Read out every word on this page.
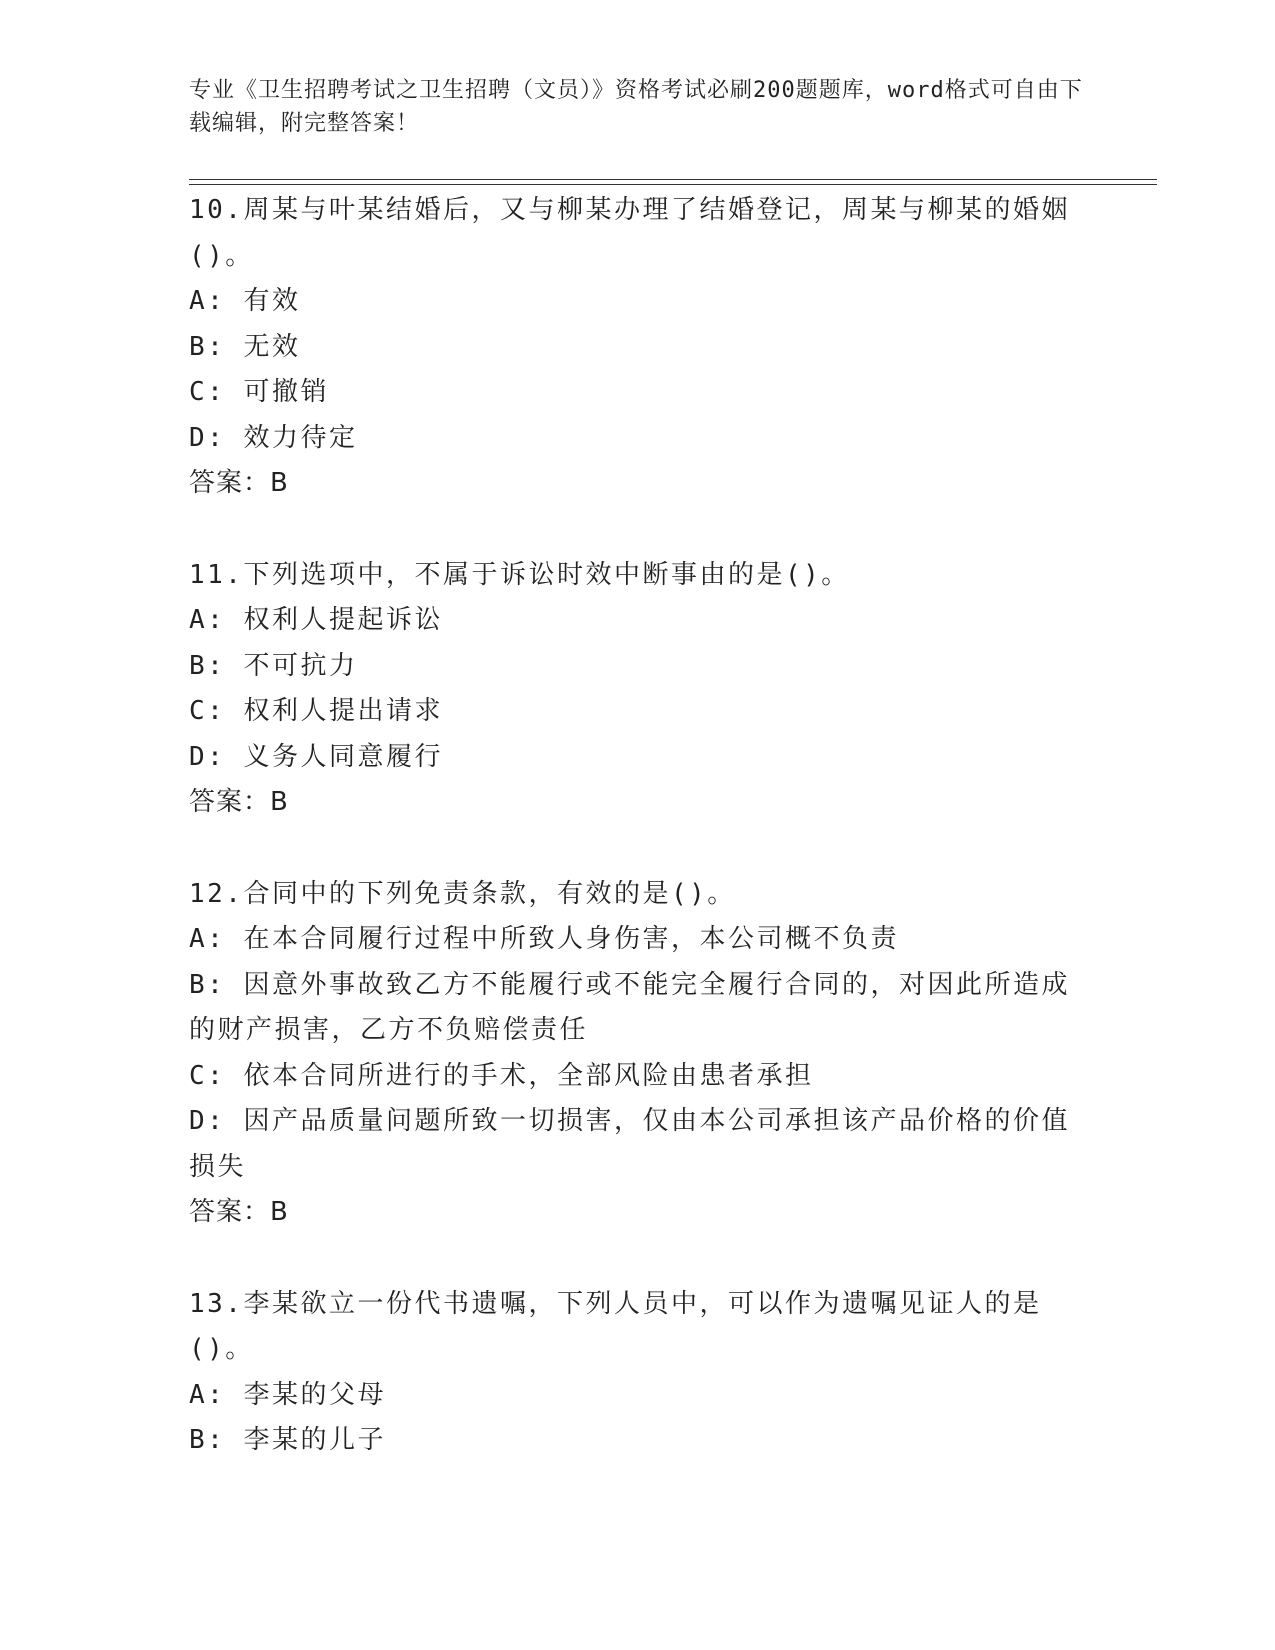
专业《卫生招聘考试之卫生招聘（文员）》资格考试必刷200题题库，word格式可自由下载编辑，附完整答案！
10.周某与叶某结婚后，又与柳某办理了结婚登记，周某与柳某的婚姻()。
A: 有效
B: 无效
C: 可撤销
D: 效力待定
答案：B
11.下列选项中，不属于诉讼时效中断事由的是()。
A: 权利人提起诉讼
B: 不可抗力
C: 权利人提出请求
D: 义务人同意履行
答案：B
12.合同中的下列免责条款，有效的是()。
A: 在本合同履行过程中所致人身伤害，本公司概不负责
B: 因意外事故致乙方不能履行或不能完全履行合同的，对因此所造成的财产损害，乙方不负赔偿责任
C: 依本合同所进行的手术，全部风险由患者承担
D: 因产品质量问题所致一切损害，仅由本公司承担该产品价格的价值损失
答案：B
13.李某欲立一份代书遗嘱，下列人员中，可以作为遗嘱见证人的是()。
A: 李某的父母
B: 李某的儿子
